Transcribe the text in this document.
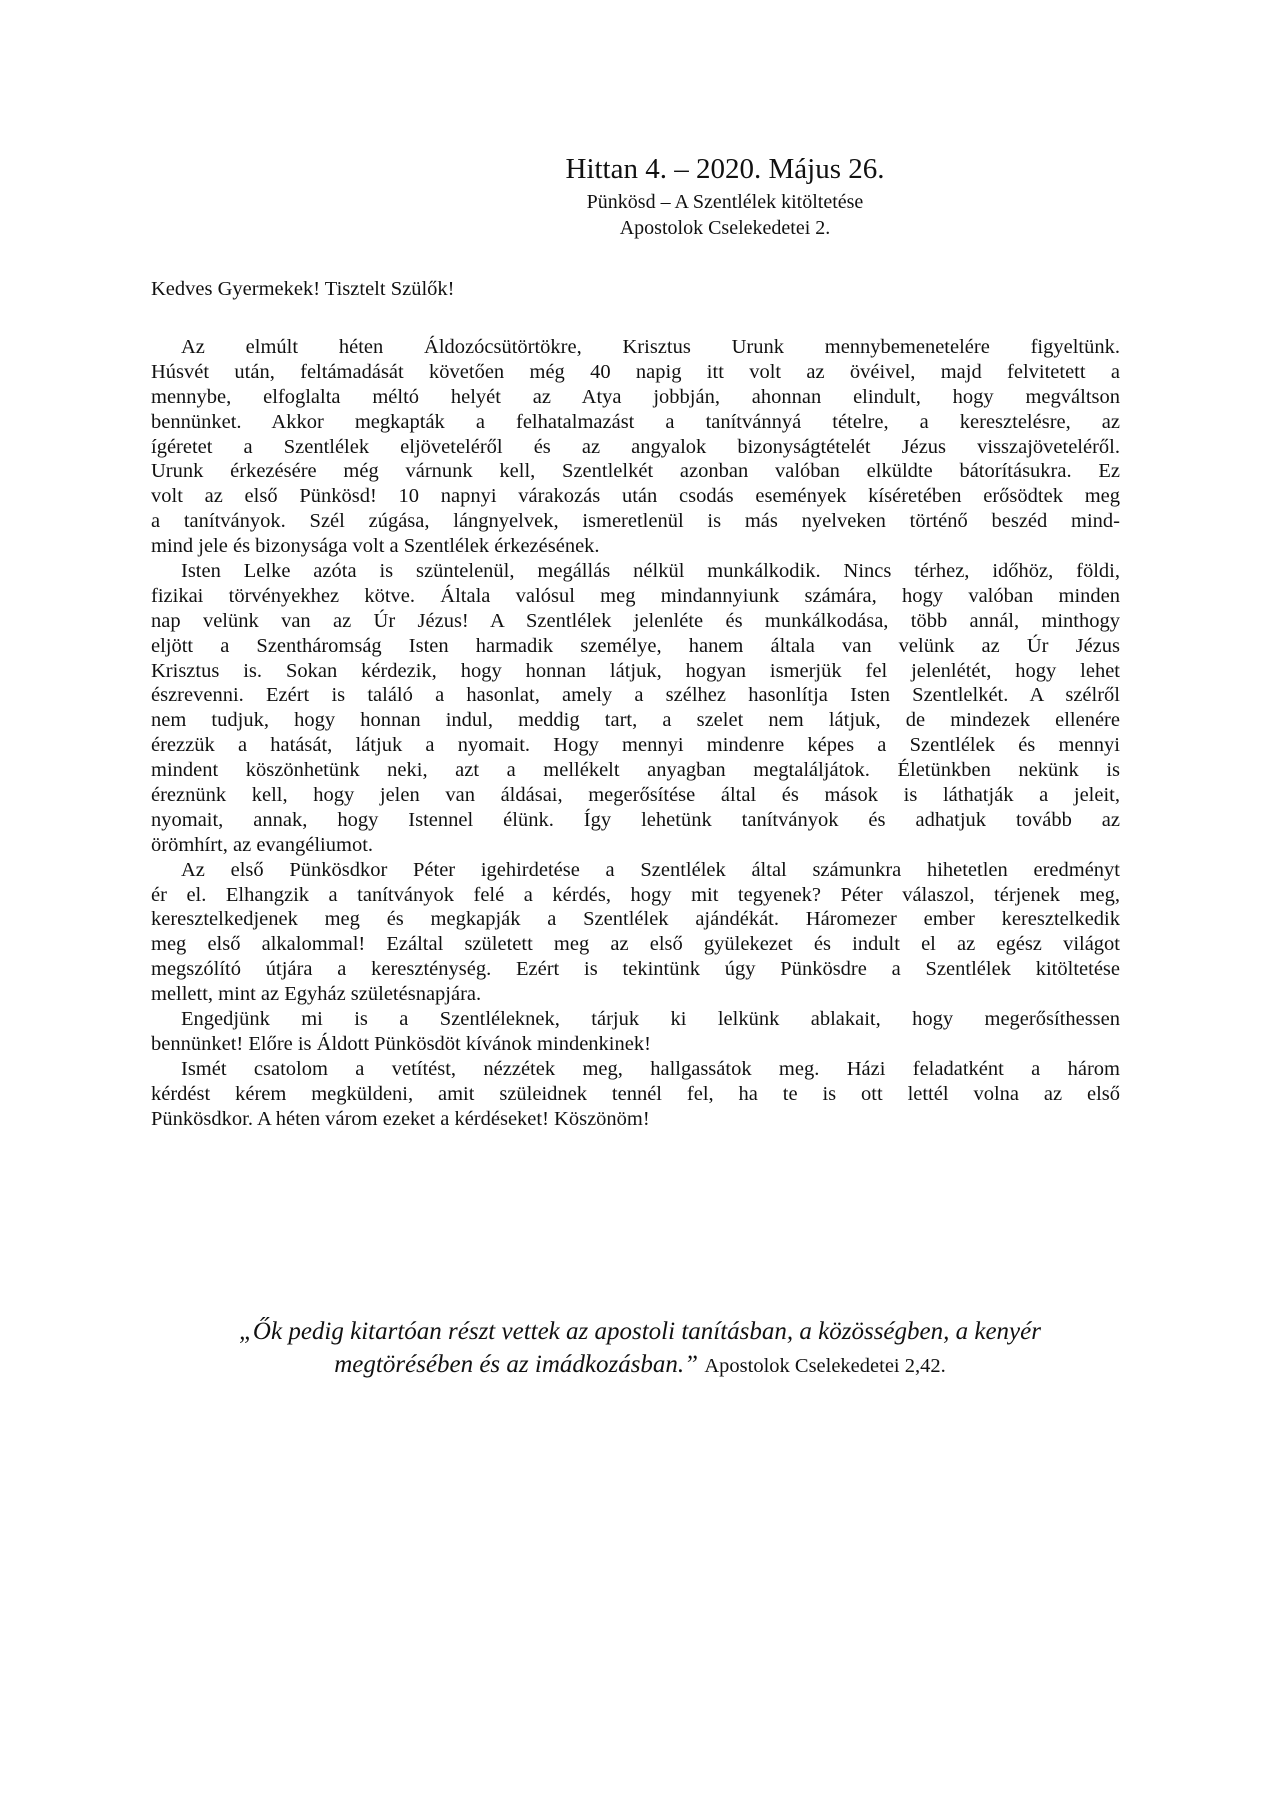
Hittan 4. – 2020. Május 26.
Pünkösd – A Szentlélek kitöltetése
Apostolok Cselekedetei 2.
Kedves Gyermekek! Tisztelt Szülők!
Az elmúlt héten Áldozócsütörtökre, Krisztus Urunk mennybemenetelére figyeltünk.
Húsvét után, feltámadását követően még 40 napig itt volt az övéivel, majd felvitetett a
mennybe, elfoglalta méltó helyét az Atya jobbján, ahonnan elindult, hogy megváltson
bennünket. Akkor megkapták a felhatalmazást a tanítvánnyá tételre, a keresztelésre, az
ígéretet a Szentlélek eljöveteléről és az angyalok bizonyságtételét Jézus visszajöveteléről.
Urunk érkezésére még várnunk kell, Szentlelkét azonban valóban elküldte bátorításukra. Ez
volt az első Pünkösd! 10 napnyi várakozás után csodás események kíséretében erősödtek meg
a tanítványok. Szél zúgása, lángnyelvek, ismeretlenül is más nyelveken történő beszéd mind-
mind jele és bizonysága volt a Szentlélek érkezésének.
Isten Lelke azóta is szüntelenül, megállás nélkül munkálkodik. Nincs térhez, időhöz, földi,
fizikai törvényekhez kötve. Általa valósul meg mindannyiunk számára, hogy valóban minden
nap velünk van az Úr Jézus! A Szentlélek jelenléte és munkálkodása, több annál, minthogy
eljött a Szentháromság Isten harmadik személye, hanem általa van velünk az Úr Jézus
Krisztus is. Sokan kérdezik, hogy honnan látjuk, hogyan ismerjük fel jelenlétét, hogy lehet
észrevenni. Ezért is találó a hasonlat, amely a szélhez hasonlítja Isten Szentlelkét. A szélről
nem tudjuk, hogy honnan indul, meddig tart, a szelet nem látjuk, de mindezek ellenére
érezzük a hatását, látjuk a nyomait. Hogy mennyi mindenre képes a Szentlélek és mennyi
mindent köszönhetünk neki, azt a mellékelt anyagban megtaláljátok. Életünkben nekünk is
éreznünk kell, hogy jelen van áldásai, megerősítése által és mások is láthatják a jeleit,
nyomait, annak, hogy Istennel élünk. Így lehetünk tanítványok és adhatjuk tovább az
örömhírt, az evangéliumot.
Az első Pünkösdkor Péter igehirdetése a Szentlélek által számunkra hihetetlen eredményt
ér el. Elhangzik a tanítványok felé a kérdés, hogy mit tegyenek? Péter válaszol, térjenek meg,
keresztelkedjenek meg és megkapják a Szentlélek ajándékát. Háromezer ember keresztelkedik
meg első alkalommal! Ezáltal született meg az első gyülekezet és indult el az egész világot
megszólító útjára a kereszténység. Ezért is tekintünk úgy Pünkösdre a Szentlélek kitöltetése
mellett, mint az Egyház születésnapjára.
Engedjünk mi is a Szentléleknek, tárjuk ki lelkünk ablakait, hogy megerősíthessen
bennünket! Előre is Áldott Pünkösdöt kívánok mindenkinek!
Ismét csatolom a vetítést, nézzétek meg, hallgassátok meg. Házi feladatként a három
kérdést kérem megküldeni, amit szüleidnek tennél fel, ha te is ott lettél volna az első
Pünkösdkor. A héten várom ezeket a kérdéseket! Köszönöm!
„Ők pedig kitartóan részt vettek az apostoli tanításban, a közösségben, a kenyér
megtörésében és az imádkozásban.” Apostolok Cselekedetei 2,42.
